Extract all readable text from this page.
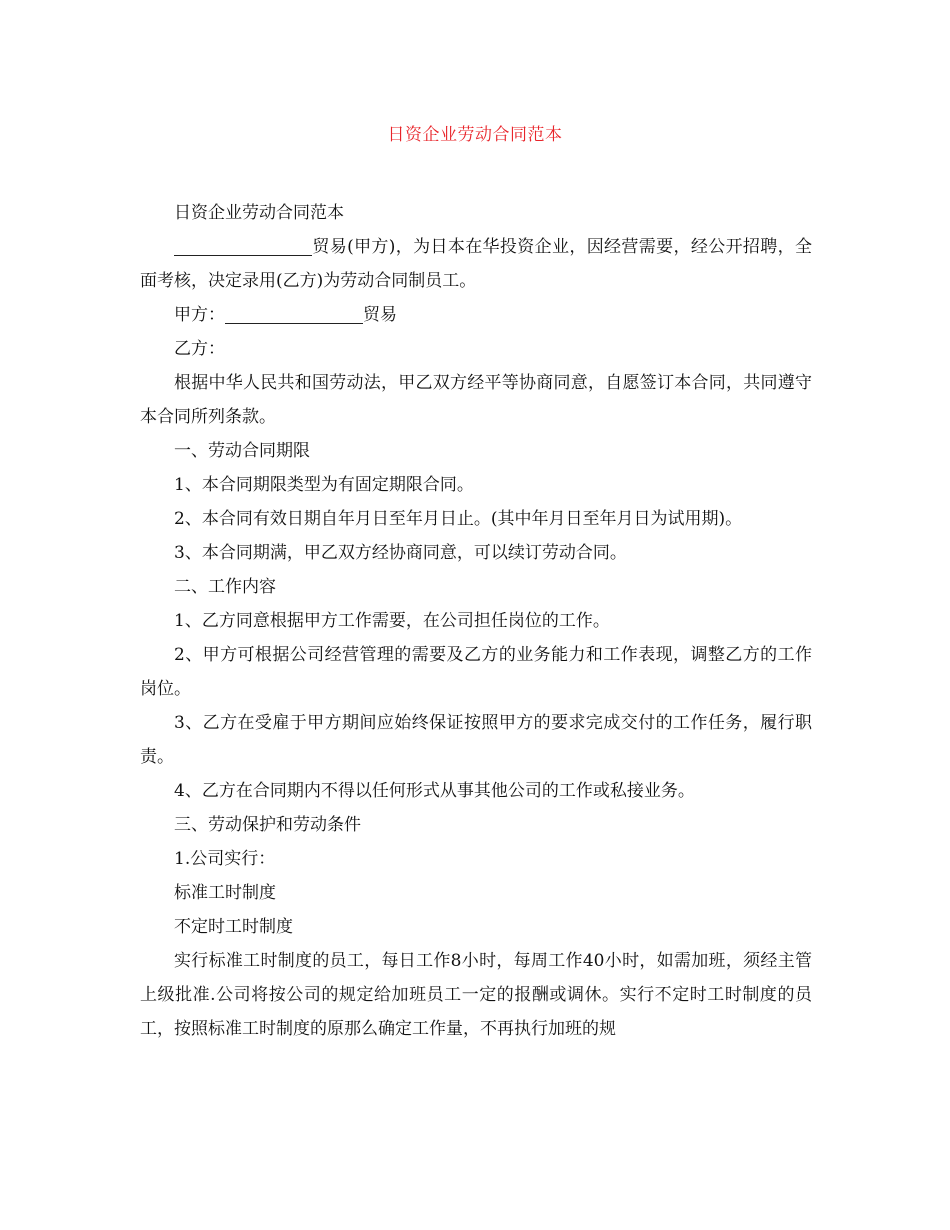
日资企业劳动合同范本

日资企业劳动合同范本

贸易(甲方)，为日本在华投资企业，因经营需要，经公开招聘，全面考核，决定录用(乙方)为劳动合同制员工。

甲方：	贸易

乙方：

根据中华人民共和国劳动法，甲乙双方经平等协商同意，自愿签订本合同，共同遵守本合同所列条款。

一、劳动合同期限

1、本合同期限类型为有固定期限合同。

2、本合同有效日期自年月日至年月日止。(其中年月日至年月日为试用期)。

3、本合同期满，甲乙双方经协商同意，可以续订劳动合同。

二、工作内容

1、乙方同意根据甲方工作需要，在公司担任岗位的工作。

2、甲方可根据公司经营管理的需要及乙方的业务能力和工作表现，调整乙方的工作岗位。

3、乙方在受雇于甲方期间应始终保证按照甲方的要求完成交付的工作任务，履行职责。

4、乙方在合同期内不得以任何形式从事其他公司的工作或私接业务。

三、劳动保护和劳动条件

1.公司实行：

标准工时制度

不定时工时制度

实行标准工时制度的员工，每日工作8小时，每周工作40小时，如需加班，须经主管上级批准.公司将按公司的规定给加班员工一定的报酬或调休。实行不定时工时制度的员工，按照标准工时制度的原那么确定工作量，不再执行加班的规
